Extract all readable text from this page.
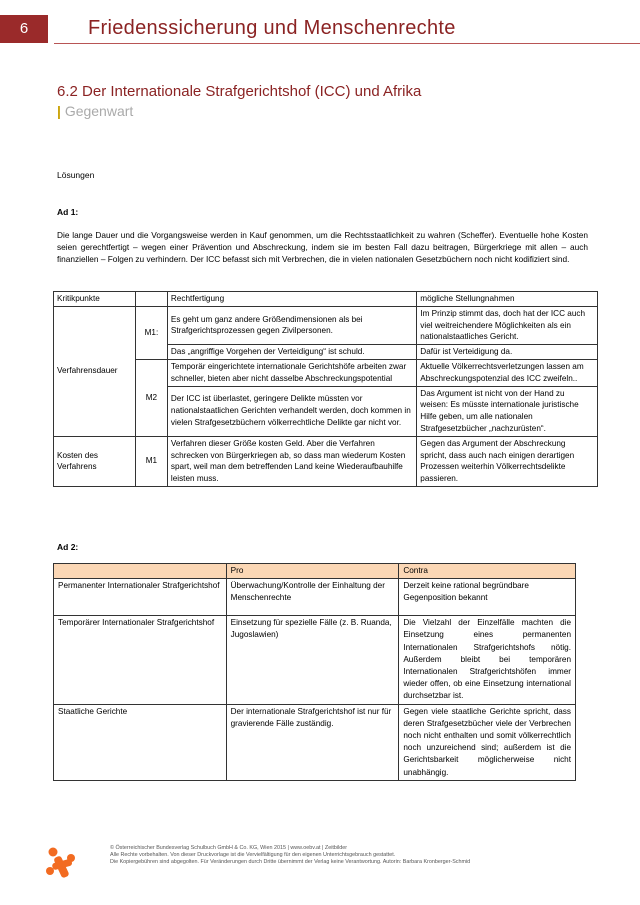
6	Friedenssicherung und Menschenrechte
6.2 Der Internationale Strafgerichtshof (ICC) und Afrika
| Gegenwart
Lösungen
Ad 1:
Die lange Dauer und die Vorgangsweise werden in Kauf genommen, um die Rechtsstaatlichkeit zu wahren (Scheffer). Eventuelle hohe Kosten seien gerechtfertigt – wegen einer Prävention und Abschreckung, indem sie im besten Fall dazu beitragen, Bürgerkriege mit allen – auch finanziellen – Folgen zu verhindern. Der ICC befasst sich mit Verbrechen, die in vielen nationalen Gesetzbüchern noch nicht kodifiziert sind.
Kritikpunkte		Rechtfertigung	mögliche Stellungnahmen
Verfahrensdauer	M1:	Es geht um ganz andere Größendimensionen als bei Strafgerichtsprozessen gegen Zivilpersonen.	Im Prinzip stimmt das, doch hat der ICC auch viel weitreichendere Möglichkeiten als ein nationalstaatliches Gericht.
		Das „angriffige Vorgehen der Verteidigung“ ist schuld.	Dafür ist Verteidigung da.
	M2	Temporär eingerichtete internationale Gerichtshöfe arbeiten zwar schneller, bieten aber nicht dasselbe Abschreckungspotential	Aktuelle Völkerrechtsverletzungen lassen am Abschreckungspotenzial des ICC zweifeln..
		Der ICC ist überlastet, geringere Delikte müssten vor nationalstaatlichen Gerichten verhandelt werden, doch kommen in vielen Strafgesetzbüchern völkerrechtliche Delikte gar nicht vor.	Das Argument ist nicht von der Hand zu weisen: Es müsste internationale juristische Hilfe geben, um alle nationalen Strafgesetzbücher „nachzurüsten“.

Kosten des Verfahrens	M1	Verfahren dieser Größe kosten Geld. Aber die Verfahren schrecken von Bürgerkriegen ab, so dass man wiederum Kosten spart, weil man dem betreffenden Land keine Wiederaufbauhilfe leisten muss.	Gegen das Argument der Abschreckung spricht, dass auch nach einigen derartigen Prozessen weiterhin Völkerrechtsdelikte passieren.
Ad 2:
	Pro	Contra
Permanenter Internationaler Strafgerichtshof	Überwachung/Kontrolle der Einhaltung der Menschenrechte	Derzeit keine rational begründbare Gegenposition bekannt
Temporärer Internationaler Strafgerichtshof	Einsetzung für spezielle Fälle (z. B. Ruanda, Jugoslawien)	Die Vielzahl der Einzelfälle machten die Einsetzung eines permanenten Internationalen Strafgerichtshofs nötig. Außerdem bleibt bei temporären Internationalen Strafgerichtshöfen immer wieder offen, ob eine Einsetzung international durchsetzbar ist.
Staatliche Gerichte	Der internationale Strafgerichtshof ist nur für gravierende Fälle zuständig.	Gegen viele staatliche Gerichte spricht, dass deren Strafgesetzbücher viele der Verbrechen noch nicht enthalten und somit völkerrechtlich noch unzureichend sind; außerdem ist die Gerichtsbarkeit möglicherweise nicht unabhängig.
© Österreichischer Bundesverlag Schulbuch GmbH & Co. KG, Wien 2015 | www.oebv.at | Zeitbilder
Alle Rechte vorbehalten. Von dieser Druckvorlage ist die Vervielfältigung für den eigenen Unterrichtsgebrauch gestattet.
Die Kopiergebühren sind abgegolten. Für Veränderungen durch Dritte übernimmt der Verlag keine Verantwortung. Autorin: Barbara Kronberger-Schmid
